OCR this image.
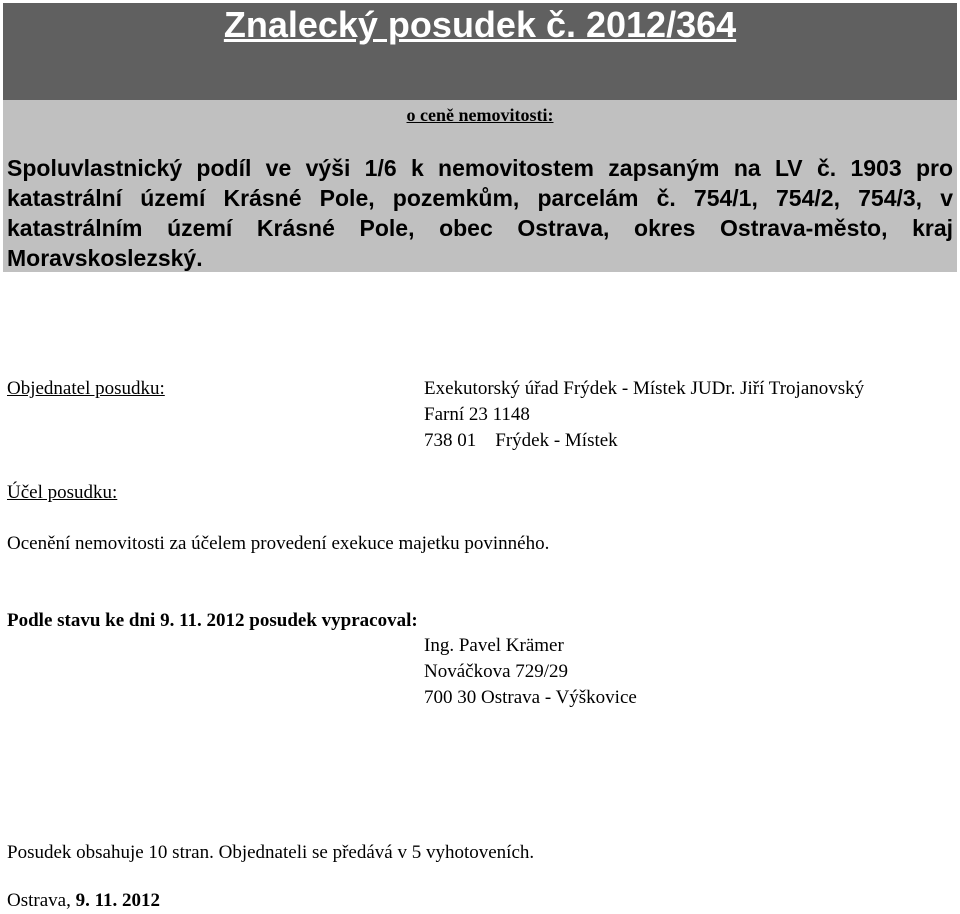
Znalecký posudek č. 2012/364
o ceně nemovitosti:
Spoluvlastnický podíl ve výši 1/6 k nemovitostem zapsaným na LV č. 1903 pro katastrální území Krásné Pole, pozemkům, parcelám č. 754/1, 754/2, 754/3, v katastrálním území Krásné Pole, obec Ostrava, okres Ostrava-město, kraj Moravskoslezský.
Objednatel posudku:	Exekutorský úřad Frýdek - Místek JUDr. Jiří Trojanovský
Farní 23 1148
738 01    Frýdek - Místek
Účel posudku:
Ocenění nemovitosti za účelem provedení exekuce majetku povinného.
Podle stavu ke dni 9. 11. 2012 posudek vypracoval:
Ing. Pavel Krämer
Nováčkova 729/29
700 30 Ostrava - Výškovice
Posudek obsahuje 10 stran. Objednateli se předává v 5 vyhotoveních.
Ostrava, 9. 11. 2012
